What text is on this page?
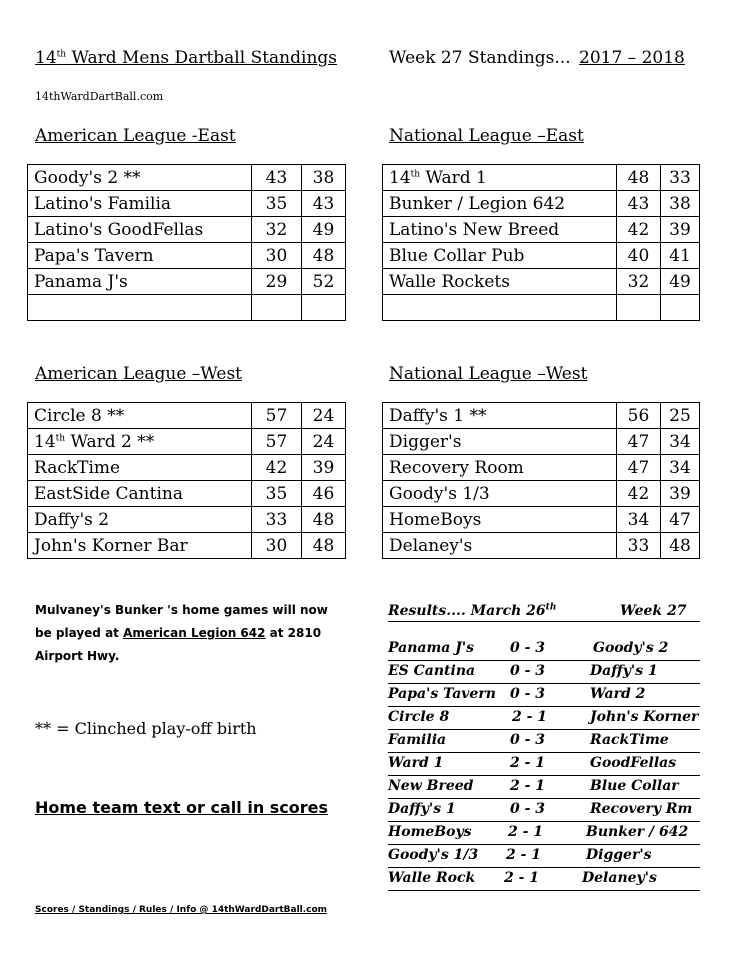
14th Ward Mens Dartball Standings	Week 27 Standings... 2017 – 2018
14thWardDartBall.com
American League -East	National League –East
American League –West	National League –West
Goody's 2 **	43	38
Latino's Familia	35	43
Latino's GoodFellas	32	49
Papa's Tavern	30	48
Panama J's	29	52

14th Ward 1	48	33
Bunker / Legion 642	43	38
Latino's New Breed	42	39
Blue Collar Pub	40	41
Walle Rockets	32	49

Circle 8 **	57	24
14th Ward 2 **	57	24
RackTime	42	39
EastSide Cantina	35	46
Daffy's 2	33	48
John's Korner Bar	30	48
Daffy's 1 **	56	25
Digger's	47	34
Recovery Room	47	34
Goody's 1/3	42	39
HomeBoys	34	47
Delaney's	33	48
Mulvaney's Bunker 's home games will now
be played at American Legion 642 at 2810
Airport Hwy.
** = Clinched play-off birth
Home team text or call in scores
Scores / Standings / Rules / Info @ 14thWardDartBall.com
Results.... March 26th	Week 27
Panama J's	0 - 3	Goody's 2
ES Cantina 0 - 3	Daffy's 1
Papa's Tavern 0 - 3	Ward 2
Circle 8	2 - 1	John's Korner
Familia	0 - 3	RackTime
Ward 1	2 - 1	GoodFellas
New Breed	2 - 1	Blue Collar
Daffy's 1	0 - 3	Recovery Rm
HomeBoys	2 - 1	Bunker / 642
Goody's 1/3 2 - 1	Digger's
Walle Rock 2 - 1	Delaney's
